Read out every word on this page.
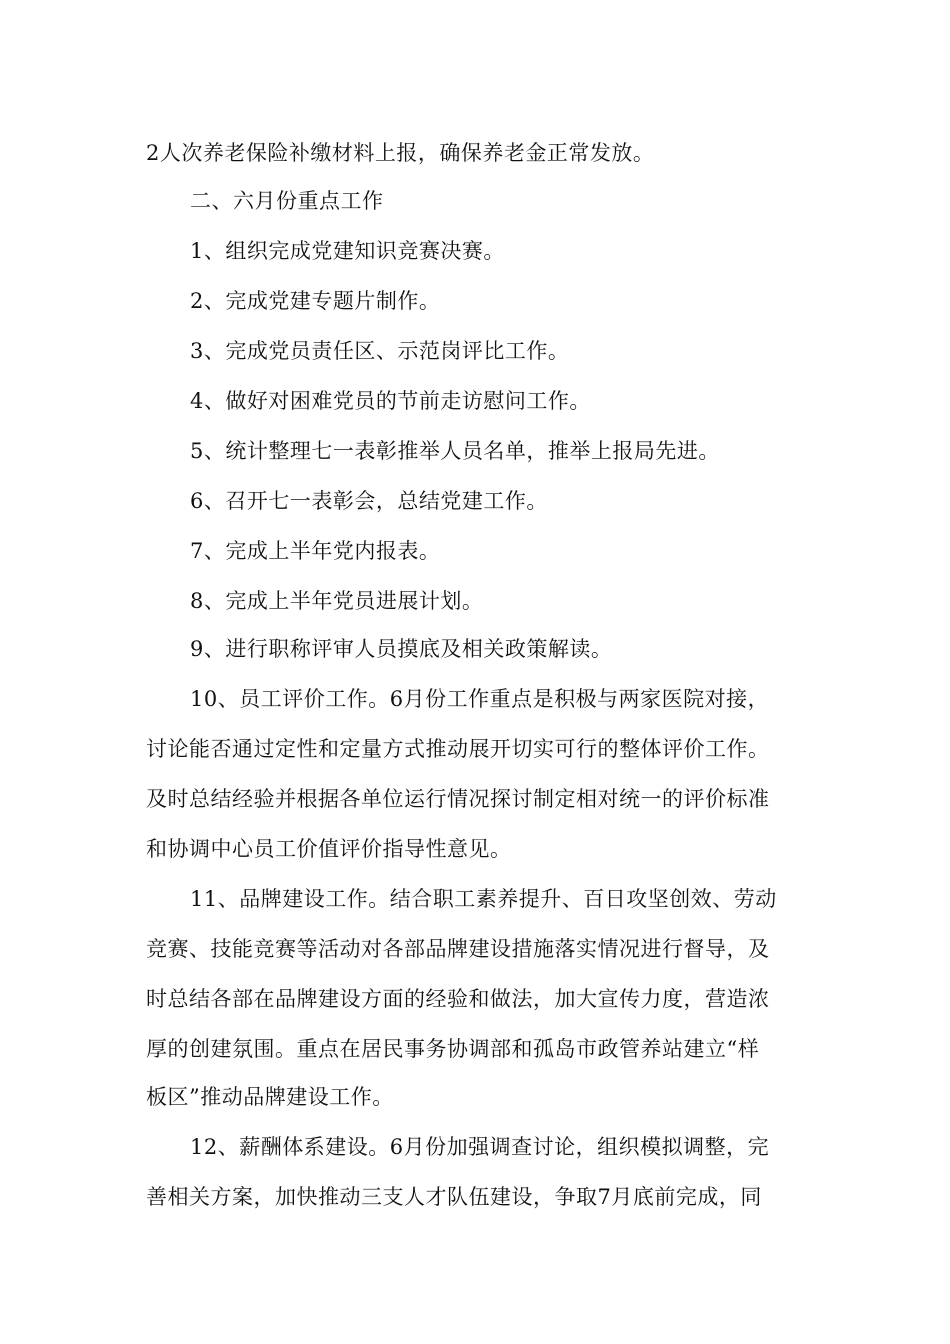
2人次养老保险补缴材料上报，确保养老金正常发放。
二、六月份重点工作
1、组织完成党建知识竞赛决赛。
2、完成党建专题片制作。
3、完成党员责任区、示范岗评比工作。
4、做好对困难党员的节前走访慰问工作。
5、统计整理七一表彰推举人员名单，推举上报局先进。
6、召开七一表彰会，总结党建工作。
7、完成上半年党内报表。
8、完成上半年党员进展计划。
9、进行职称评审人员摸底及相关政策解读。
10、员工评价工作。6月份工作重点是积极与两家医院对接，
讨论能否通过定性和定量方式推动展开切实可行的整体评价工作。
及时总结经验并根据各单位运行情况探讨制定相对统一的评价标准
和协调中心员工价值评价指导性意见。
11、品牌建设工作。结合职工素养提升、百日攻坚创效、劳动
竞赛、技能竞赛等活动对各部品牌建设措施落实情况进行督导，及
时总结各部在品牌建设方面的经验和做法，加大宣传力度，营造浓
厚的创建氛围。重点在居民事务协调部和孤岛市政管养站建立“样
板区”推动品牌建设工作。
12、薪酬体系建设。6月份加强调查讨论，组织模拟调整，完
善相关方案，加快推动三支人才队伍建设，争取7月底前完成，同
